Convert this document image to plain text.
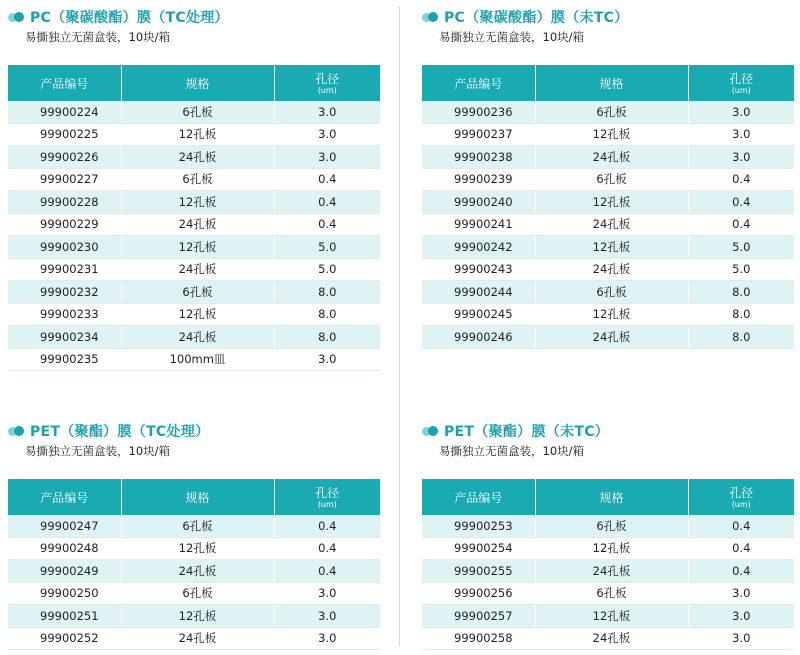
PC（聚碳酸酯）膜（TC处理）
易撕独立无菌盒装，10块/箱
产品编号	规格	孔径
(um)

99900224	6孔板	3.0
99900225	12孔板	3.0
99900226	24孔板	3.0
99900227	6孔板	0.4
99900228	12孔板	0.4
99900229	24孔板	0.4
99900230	12孔板	5.0
99900231	24孔板	5.0
99900232	6孔板	8.0
99900233	12孔板	8.0
99900234	24孔板	8.0
99900235	100mm皿	3.0
PC（聚碳酸酯）膜（未TC）
易撕独立无菌盒装，10块/箱
产品编号	规格	孔径
(um)

99900236	6孔板	3.0
99900237	12孔板	3.0
99900238	24孔板	3.0
99900239	6孔板	0.4
99900240	12孔板	0.4
99900241	24孔板	0.4
99900242	12孔板	5.0
99900243	24孔板	5.0
99900244	6孔板	8.0
99900245	12孔板	8.0
99900246	24孔板	8.0
PET（聚酯）膜（TC处理）
易撕独立无菌盒装，10块/箱
产品编号	规格	孔径
(um)

99900247	6孔板	0.4
99900248	12孔板	0.4
99900249	24孔板	0.4
99900250	6孔板	3.0
99900251	12孔板	3.0
99900252	24孔板	3.0
PET（聚酯）膜（未TC）
易撕独立无菌盒装，10块/箱
产品编号	规格	孔径
(um)

99900253	6孔板	0.4
99900254	12孔板	0.4
99900255	24孔板	0.4
99900256	6孔板	3.0
99900257	12孔板	3.0
99900258	24孔板	3.0
